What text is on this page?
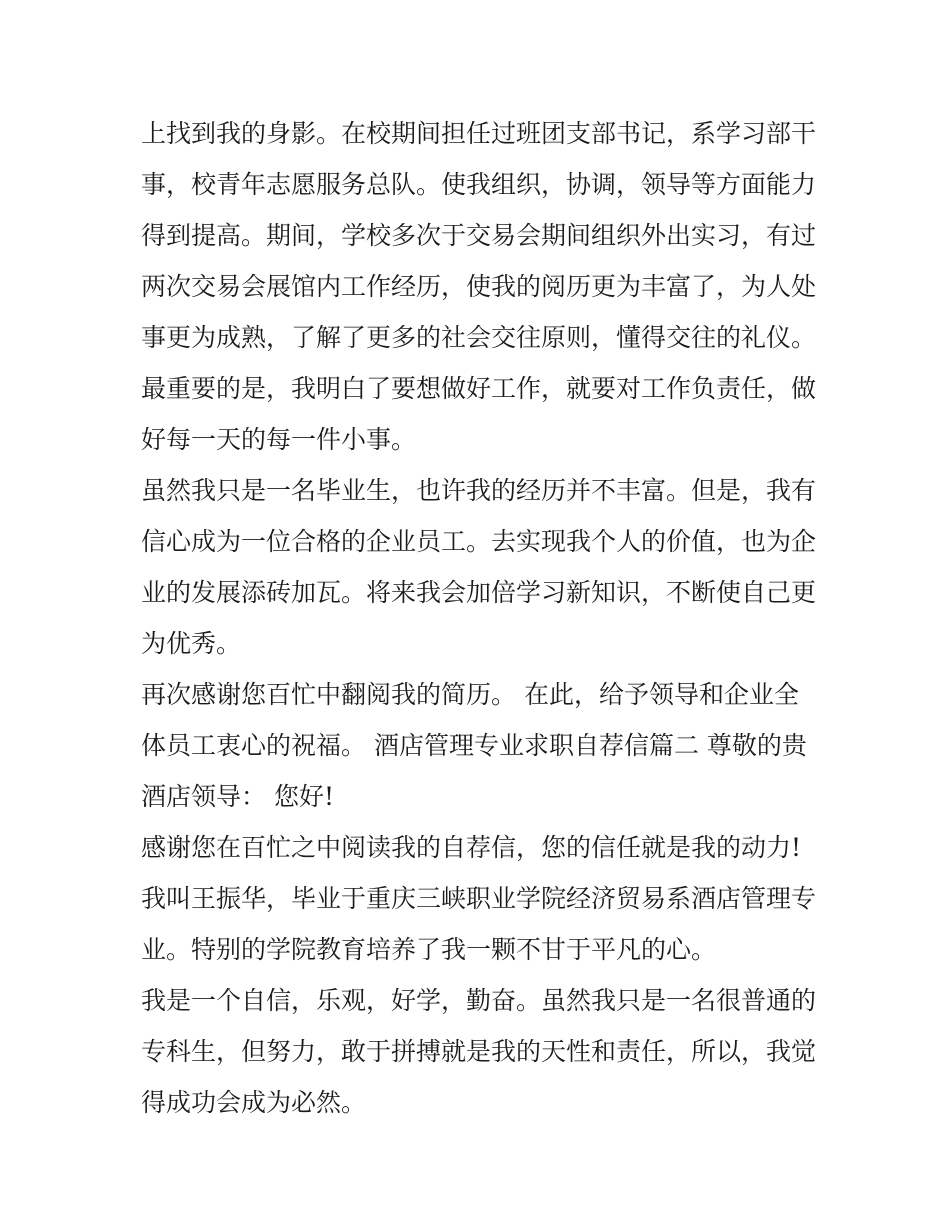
上找到我的身影。在校期间担任过班团支部书记，系学习部干
事，校青年志愿服务总队。使我组织，协调，领导等方面能力
得到提高。期间，学校多次于交易会期间组织外出实习，有过
两次交易会展馆内工作经历，使我的阅历更为丰富了，为人处
事更为成熟，了解了更多的社会交往原则，懂得交往的礼仪。
最重要的是，我明白了要想做好工作，就要对工作负责任，做
好每一天的每一件小事。
虽然我只是一名毕业生，也许我的经历并不丰富。但是，我有
信心成为一位合格的企业员工。去实现我个人的价值，也为企
业的发展添砖加瓦。将来我会加倍学习新知识，不断使自己更
为优秀。
再次感谢您百忙中翻阅我的简历。 在此，给予领导和企业全
体员工衷心的祝福。 酒店管理专业求职自荐信篇二 尊敬的贵
酒店领导： 您好!
感谢您在百忙之中阅读我的自荐信，您的信任就是我的动力!
我叫王振华，毕业于重庆三峡职业学院经济贸易系酒店管理专
业。特别的学院教育培养了我一颗不甘于平凡的心。
我是一个自信，乐观，好学，勤奋。虽然我只是一名很普通的
专科生，但努力，敢于拼搏就是我的天性和责任，所以，我觉
得成功会成为必然。
